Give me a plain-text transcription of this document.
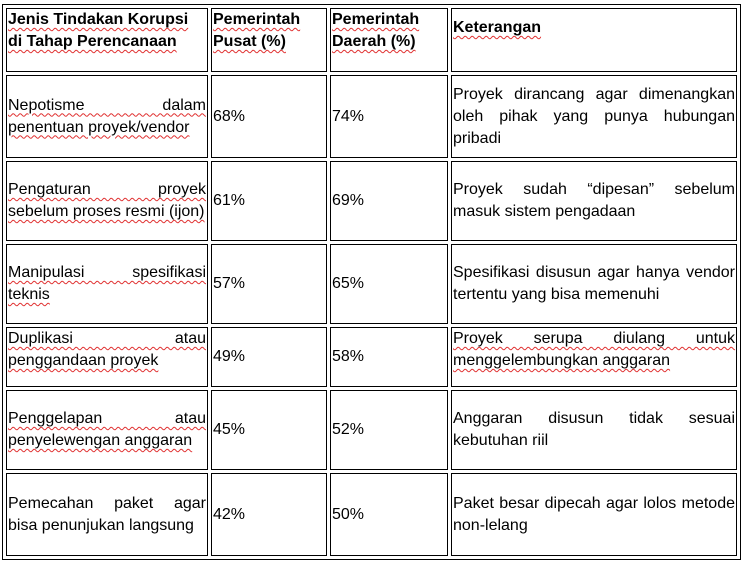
Jenis Tindakan Korupsi di Tahap Perencanaan	Pemerintah Pusat (%)	Pemerintah Daerah (%)	Keterangan
Nepotisme dalam penentuan proyek/vendor	68%	74%	Proyek dirancang agar dimenangkan oleh pihak yang punya hubungan pribadi
Pengaturan proyek sebelum proses resmi (ijon)	61%	69%	Proyek sudah “dipesan” sebelum masuk sistem pengadaan
Manipulasi spesifikasi teknis	57%	65%	Spesifikasi disusun agar hanya vendor tertentu yang bisa memenuhi
Duplikasi atau penggandaan proyek	49%	58%	Proyek serupa diulang untuk menggelembungkan anggaran
Penggelapan atau penyelewengan anggaran	45%	52%	Anggaran disusun tidak sesuai kebutuhan riil
Pemecahan paket agar bisa penunjukan langsung	42%	50%	Paket besar dipecah agar lolos metode non-lelang
